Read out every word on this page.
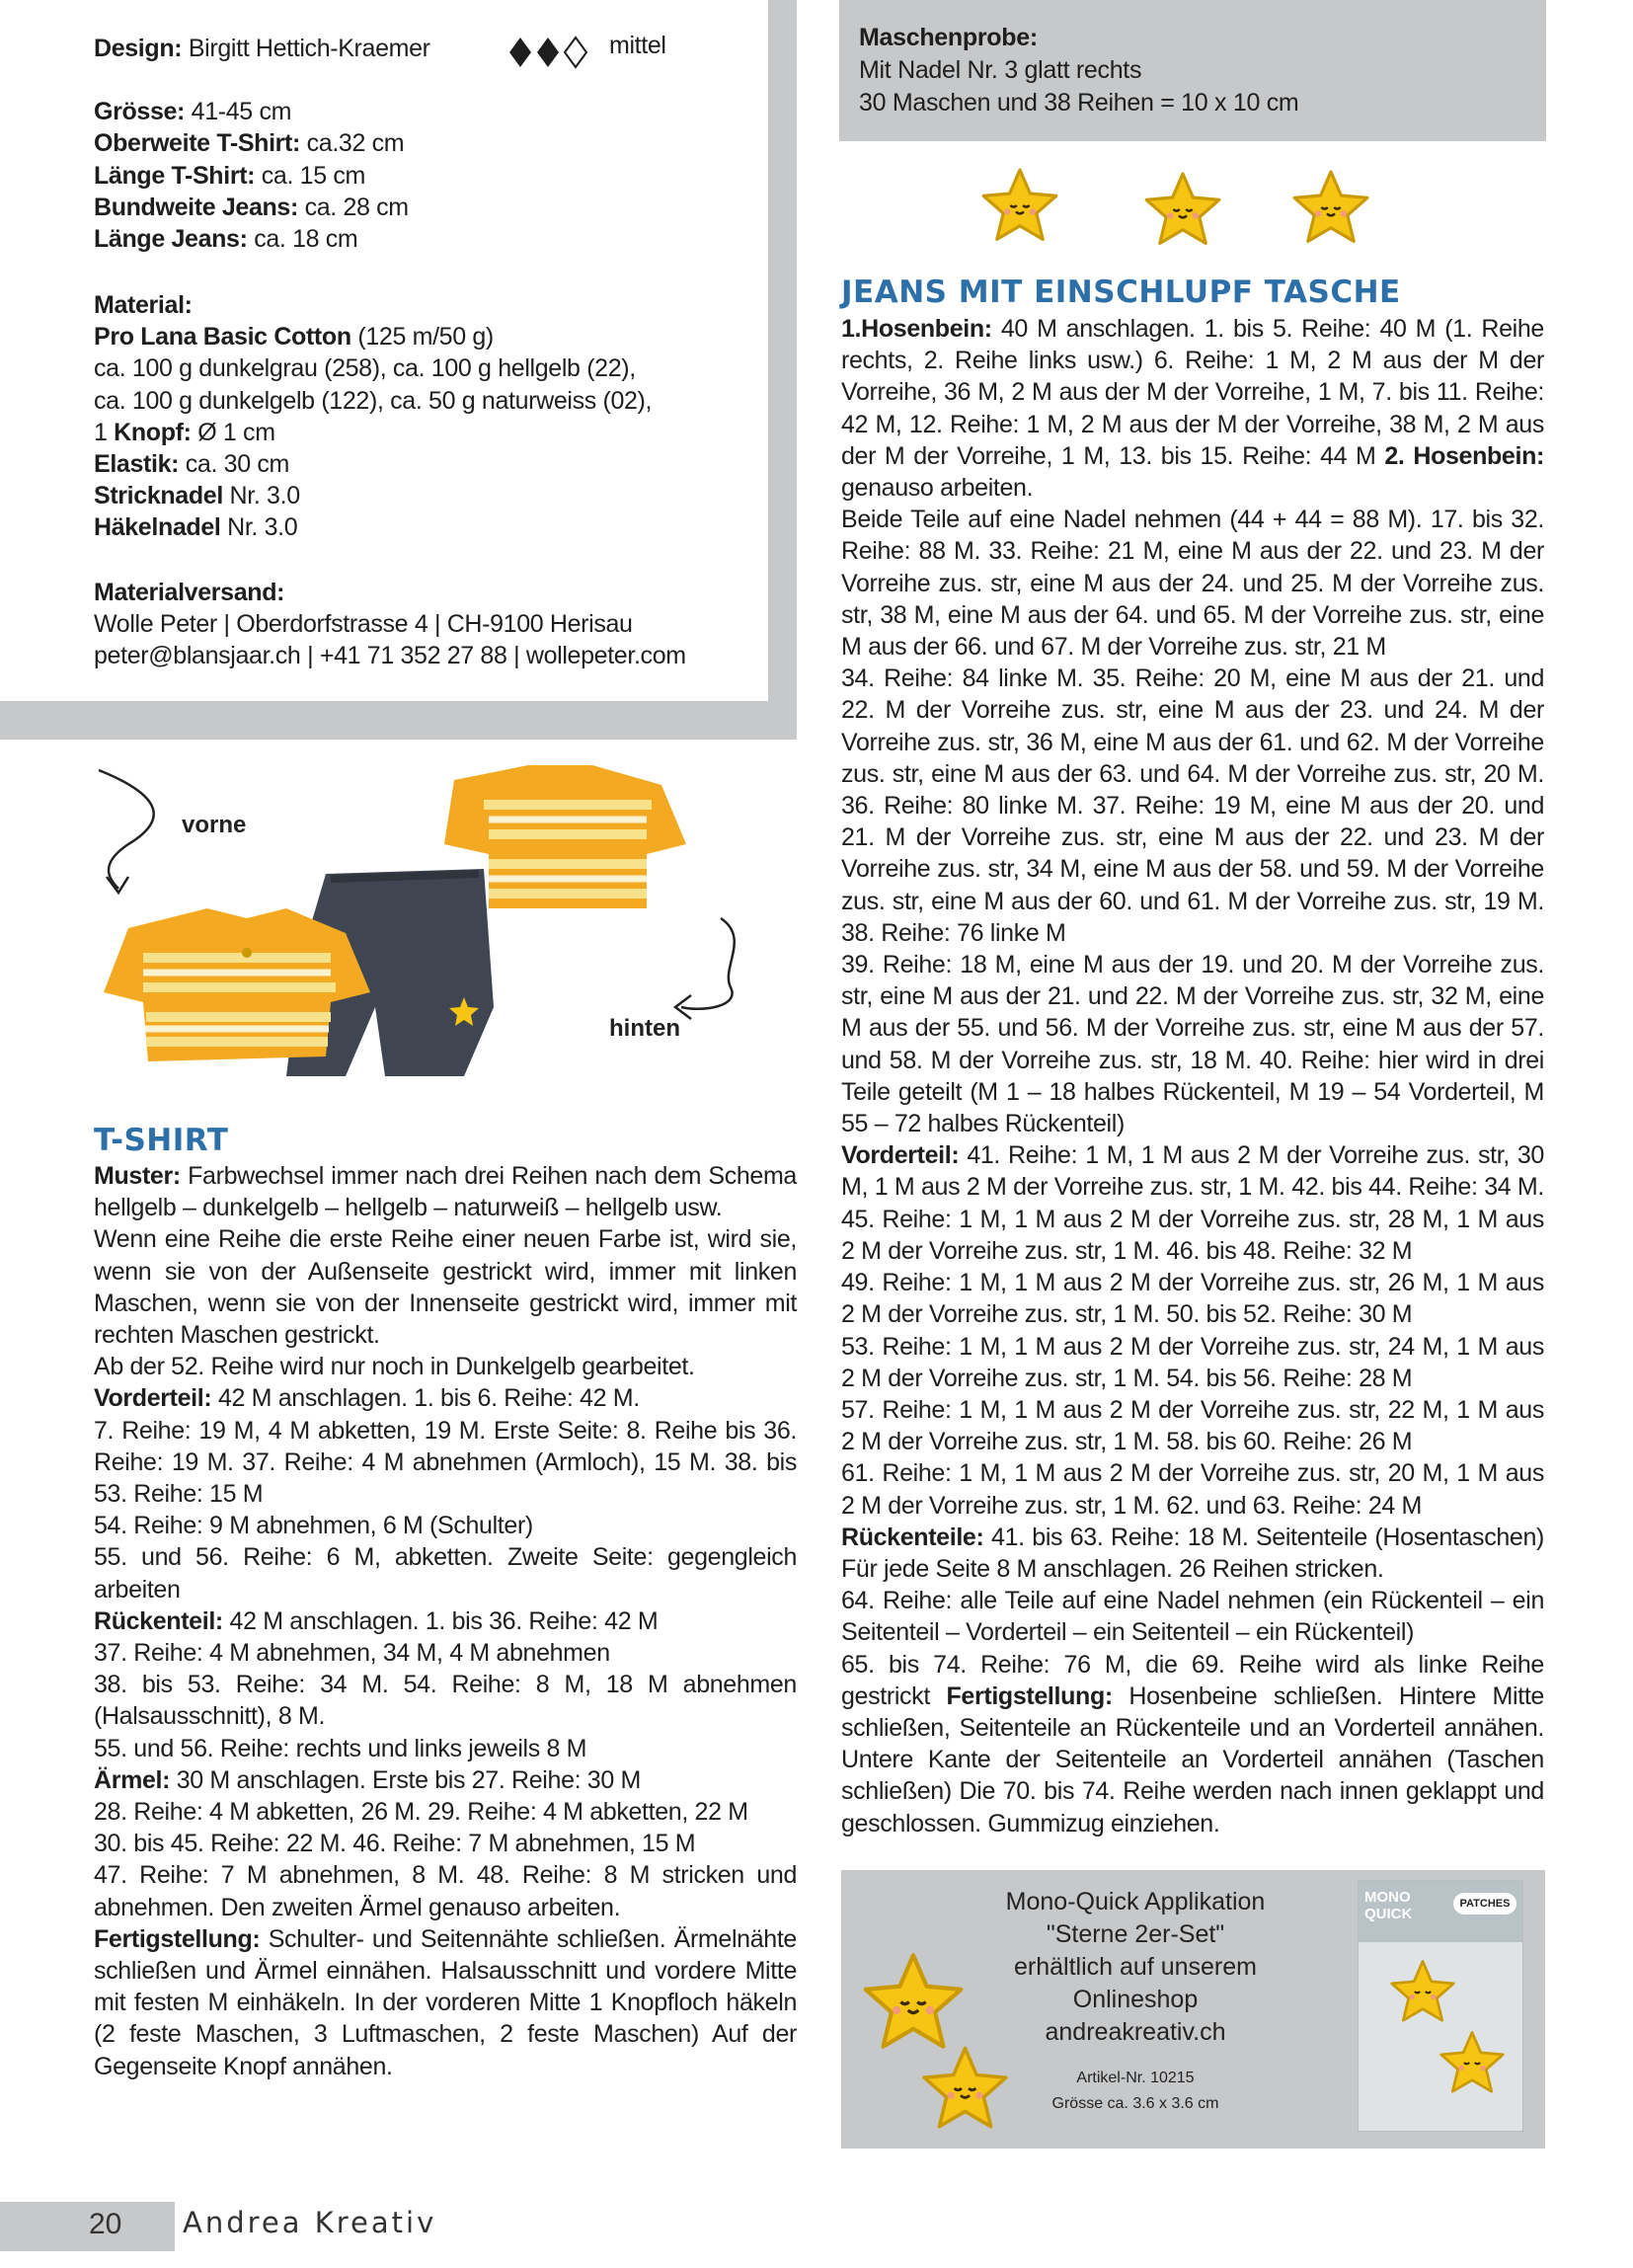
Design: Birgitt Hettich-Kraemer
Grösse: 41-45 cm
Oberweite T-Shirt: ca.32 cm
Länge T-Shirt: ca. 15 cm
Bundweite Jeans: ca. 28 cm
Länge Jeans: ca. 18 cm
mittel
Material:
Pro Lana Basic Cotton (125 m/50 g)
ca. 100 g dunkelgrau (258), ca. 100 g hellgelb (22),
ca. 100 g dunkelgelb (122), ca. 50 g naturweiss (02),
1 Knopf: Ø 1 cm
Elastik: ca. 30 cm
Stricknadel Nr. 3.0
Häkelnadel Nr. 3.0
Materialversand:
Wolle Peter | Oberdorfstrasse 4 | CH-9100 Herisau
peter@blansjaar.ch | +41 71 352 27 88 | wollepeter.com
Maschenprobe:
Mit Nadel Nr. 3 glatt rechts
30 Maschen und 38 Reihen = 10 x 10 cm
JEANS MIT EINSCHLUPF TASCHE
1.Hosenbein: 40 M anschlagen. 1. bis 5. Reihe: 40 M (1. Reihe rechts, 2. Reihe links usw.) 6. Reihe: 1 M, 2 M aus der M der Vorreihe, 36 M, 2 M aus der M der Vorreihe, 1 M, 7. bis 11. Reihe: 42 M, 12. Reihe: 1 M, 2 M aus der M der Vorreihe, 38 M, 2 M aus der M der Vorreihe, 1 M, 13. bis 15. Reihe: 44 M 2. Hosenbein: genauso arbeiten.
Beide Teile auf eine Nadel nehmen (44 + 44 = 88 M). 17. bis 32. Reihe: 88 M. 33. Reihe: 21 M, eine M aus der 22. und 23. M der Vorreihe zus. str, eine M aus der 24. und 25. M der Vorreihe zus. str, 38 M, eine M aus der 64. und 65. M der Vorreihe zus. str, eine M aus der 66. und 67. M der Vorreihe zus. str, 21 M
34. Reihe: 84 linke M. 35. Reihe: 20 M, eine M aus der 21. und 22. M der Vorreihe zus. str, eine M aus der 23. und 24. M der Vorreihe zus. str, 36 M, eine M aus der 61. und 62. M der Vorreihe zus. str, eine M aus der 63. und 64. M der Vorreihe zus. str, 20 M. 36. Reihe: 80 linke M. 37. Reihe: 19 M, eine M aus der 20. und 21. M der Vorreihe zus. str, eine M aus der 22. und 23. M der Vorreihe zus. str, 34 M, eine M aus der 58. und 59. M der Vorreihe zus. str, eine M aus der 60. und 61. M der Vorreihe zus. str, 19 M. 38. Reihe: 76 linke M
39. Reihe: 18 M, eine M aus der 19. und 20. M der Vorreihe zus. str, eine M aus der 21. und 22. M der Vorreihe zus. str, 32 M, eine M aus der 55. und 56. M der Vorreihe zus. str, eine M aus der 57. und 58. M der Vorreihe zus. str, 18 M. 40. Reihe: hier wird in drei Teile geteilt (M 1 – 18 halbes Rückenteil, M 19 – 54 Vorderteil, M 55 – 72 halbes Rückenteil)
Vorderteil: 41. Reihe: 1 M, 1 M aus 2 M der Vorreihe zus. str, 30 M, 1 M aus 2 M der Vorreihe zus. str, 1 M. 42. bis 44. Reihe: 34 M. 45. Reihe: 1 M, 1 M aus 2 M der Vorreihe zus. str, 28 M, 1 M aus 2 M der Vorreihe zus. str, 1 M. 46. bis 48. Reihe: 32 M
49. Reihe: 1 M, 1 M aus 2 M der Vorreihe zus. str, 26 M, 1 M aus 2 M der Vorreihe zus. str, 1 M. 50. bis 52. Reihe: 30 M
53. Reihe: 1 M, 1 M aus 2 M der Vorreihe zus. str, 24 M, 1 M aus 2 M der Vorreihe zus. str, 1 M. 54. bis 56. Reihe: 28 M
57. Reihe: 1 M, 1 M aus 2 M der Vorreihe zus. str, 22 M, 1 M aus 2 M der Vorreihe zus. str, 1 M. 58. bis 60. Reihe: 26 M
61. Reihe: 1 M, 1 M aus 2 M der Vorreihe zus. str, 20 M, 1 M aus 2 M der Vorreihe zus. str, 1 M. 62. und 63. Reihe: 24 M
Rückenteile: 41. bis 63. Reihe: 18 M. Seitenteile (Hosentaschen) Für jede Seite 8 M anschlagen. 26 Reihen stricken.
64. Reihe: alle Teile auf eine Nadel nehmen (ein Rückenteil – ein Seitenteil – Vorderteil – ein Seitenteil – ein Rückenteil)
65. bis 74. Reihe: 76 M, die 69. Reihe wird als linke Reihe gestrickt Fertigstellung: Hosenbeine schließen. Hintere Mitte schließen, Seitenteile an Rückenteile und an Vorderteil annähen. Untere Kante der Seitenteile an Vorderteil annähen (Taschen schließen) Die 70. bis 74. Reihe werden nach innen geklappt und geschlossen. Gummizug einziehen.
vorne
hinten
T-SHIRT
Muster: Farbwechsel immer nach drei Reihen nach dem Schema hellgelb – dunkelgelb – hellgelb – naturweiß – hellgelb usw.
Wenn eine Reihe die erste Reihe einer neuen Farbe ist, wird sie, wenn sie von der Außenseite gestrickt wird, immer mit linken Maschen, wenn sie von der Innenseite gestrickt wird, immer mit rechten Maschen gestrickt.
Ab der 52. Reihe wird nur noch in Dunkelgelb gearbeitet.
Vorderteil: 42 M anschlagen. 1. bis 6. Reihe: 42 M.
7. Reihe: 19 M, 4 M abketten, 19 M. Erste Seite: 8. Reihe bis 36. Reihe: 19 M. 37. Reihe: 4 M abnehmen (Armloch), 15 M. 38. bis 53. Reihe: 15 M
54. Reihe: 9 M abnehmen, 6 M (Schulter)
55. und 56. Reihe: 6 M, abketten. Zweite Seite: gegengleich arbeiten
Rückenteil: 42 M anschlagen. 1. bis 36. Reihe: 42 M
37. Reihe: 4 M abnehmen, 34 M, 4 M abnehmen
38. bis 53. Reihe: 34 M. 54. Reihe: 8 M, 18 M abnehmen (Halsausschnitt), 8 M.
55. und 56. Reihe: rechts und links jeweils 8 M
Ärmel: 30 M anschlagen. Erste bis 27. Reihe: 30 M
28. Reihe: 4 M abketten, 26 M. 29. Reihe: 4 M abketten, 22 M
30. bis 45. Reihe: 22 M. 46. Reihe: 7 M abnehmen, 15 M
47. Reihe: 7 M abnehmen, 8 M. 48. Reihe: 8 M stricken und abnehmen. Den zweiten Ärmel genauso arbeiten.
Fertigstellung: Schulter- und Seitennähte schließen. Ärmelnähte schließen und Ärmel einnähen. Halsausschnitt und vordere Mitte mit festen M einhäkeln. In der vorderen Mitte 1 Knopfloch häkeln (2 feste Maschen, 3 Luftmaschen, 2 feste Maschen) Auf der Gegenseite Knopf annähen.
Mono-Quick Applikation
"Sterne 2er-Set"
erhältlich auf unserem
Onlineshop
andreakreativ.ch
Artikel-Nr. 10215
Grösse ca. 3.6 x 3.6 cm
MONO QUICK
PATCHES
20 Andrea Kreativ
